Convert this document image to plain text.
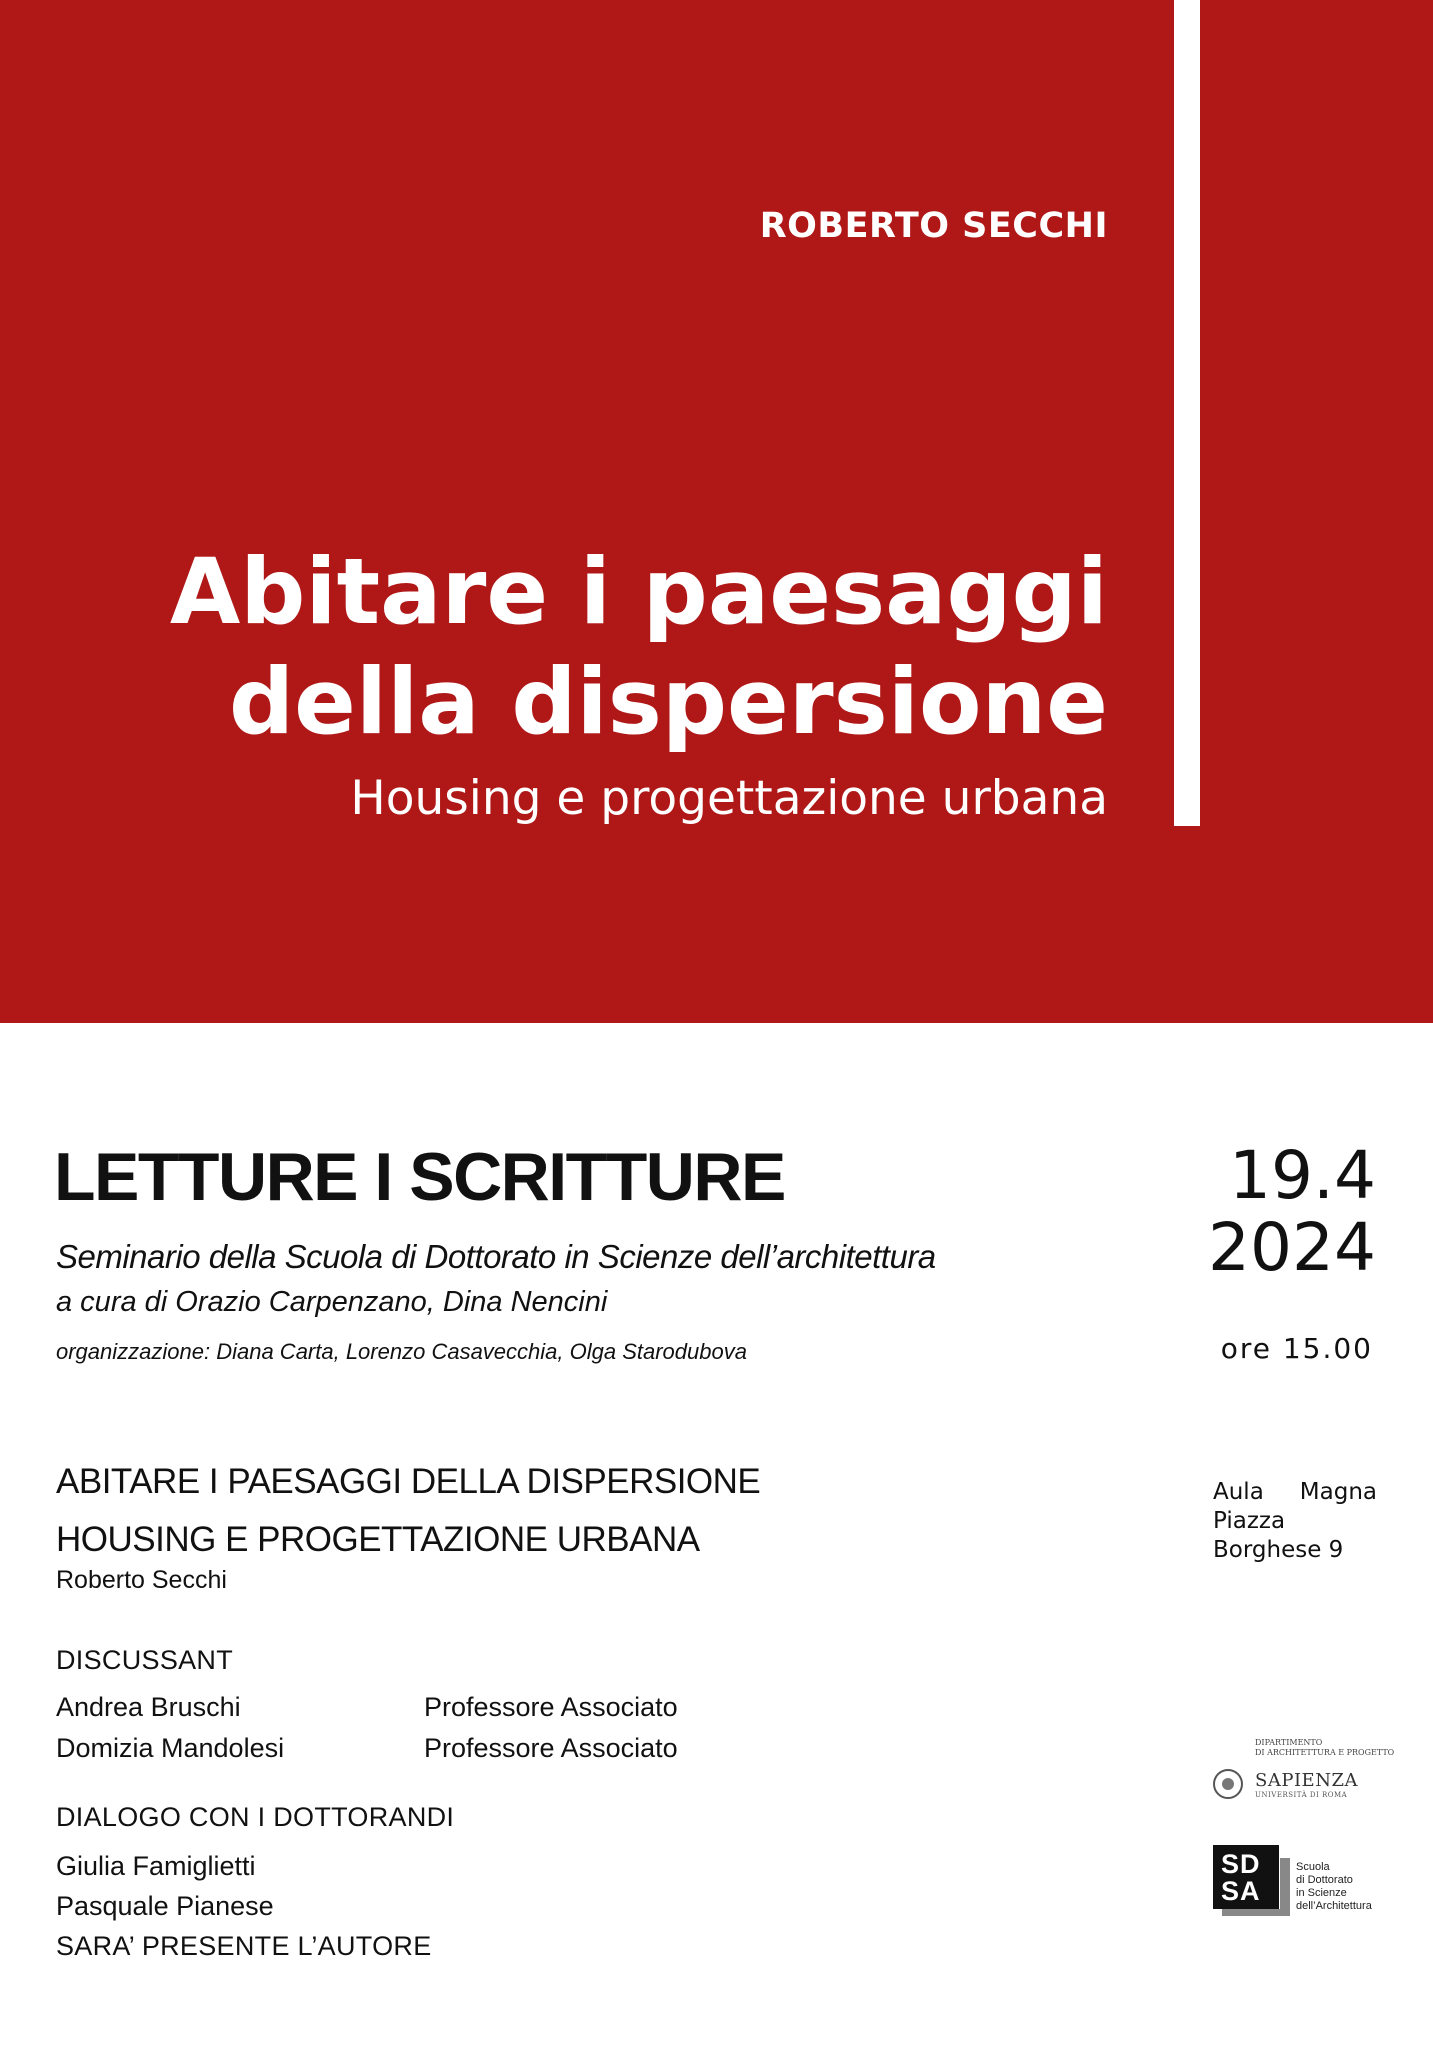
ROBERTO SECCHI
Abitare i paesaggi
della dispersione
Housing e progettazione urbana
LETTURE I SCRITTURE
Seminario della Scuola di Dottorato in Scienze dell’architettura
a cura di Orazio Carpenzano, Dina Nencini
organizzazione: Diana Carta, Lorenzo Casavecchia, Olga Starodubova
ABITARE I PAESAGGI DELLA DISPERSIONE
HOUSING E PROGETTAZIONE URBANA
Roberto Secchi
DISCUSSANT
Andrea Bruschi	Professore Associato
Domizia Mandolesi	Professore Associato
DIALOGO CON I DOTTORANDI
Giulia Famiglietti
Pasquale Pianese
SARA’ PRESENTE L’AUTORE
19.4
2024
ore 15.00
Aula Magna
Piazza
Borghese 9
DIPARTIMENTO
DI ARCHITETTURA E PROGETTO
SAPIENZA
UNIVERSITÀ DI ROMA
SD
SA
Scuola
di Dottorato
in Scienze
dell’Architettura
